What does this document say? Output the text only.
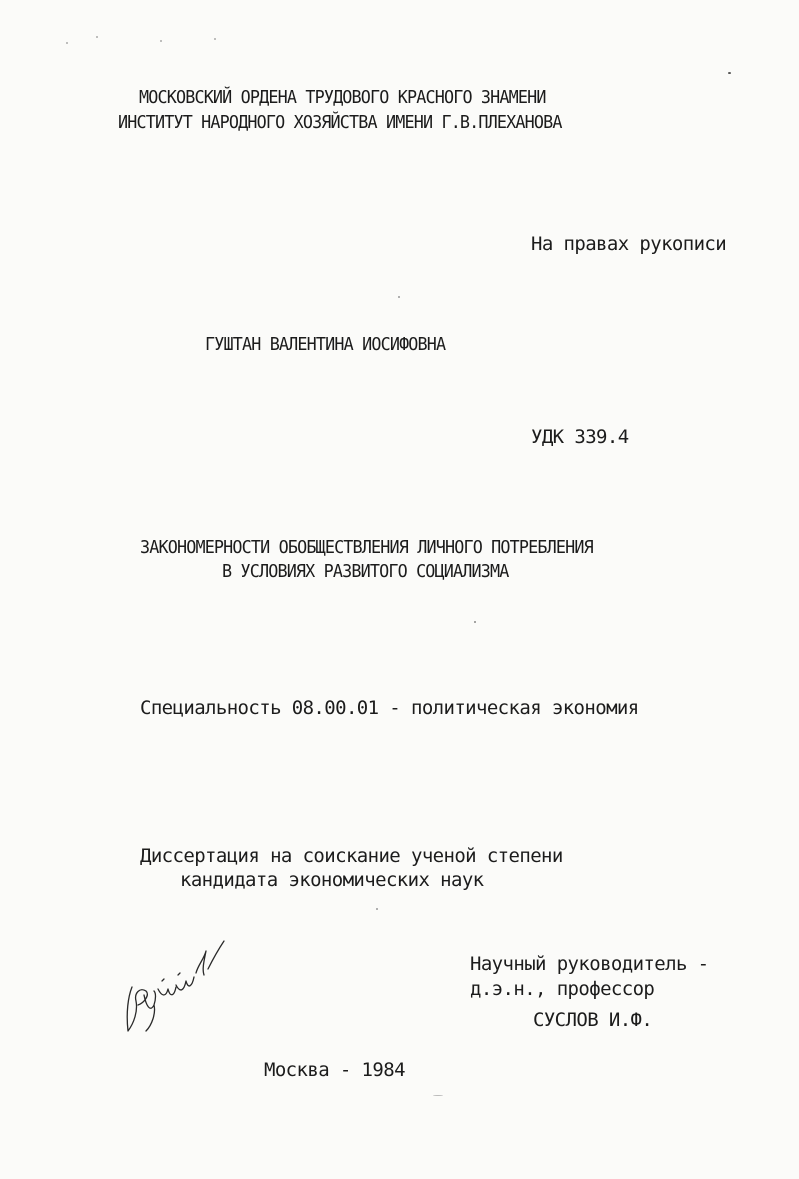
МОСКОВСКИЙ ОРДЕНА ТРУДОВОГО КРАСНОГО ЗНАМЕНИ
ИНСТИТУТ НАРОДНОГО ХОЗЯЙСТВА ИМЕНИ Г.В.ПЛЕХАНОВА
На правах рукописи
ГУШТАН ВАЛЕНТИНА ИОСИФОВНА
УДК 339.4
ЗАКОНОМЕРНОСТИ ОБОБЩЕСТВЛЕНИЯ ЛИЧНОГО ПОТРЕБЛЕНИЯ
В УСЛОВИЯХ РАЗВИТОГО СОЦИАЛИЗМА
Специальность 08.00.01 - политическая экономия
Диссертация на соискание ученой степени
кандидата экономических наук
Научный руководитель -
д.э.н., профессор
СУСЛОВ И.Ф.
Москва - 1984
